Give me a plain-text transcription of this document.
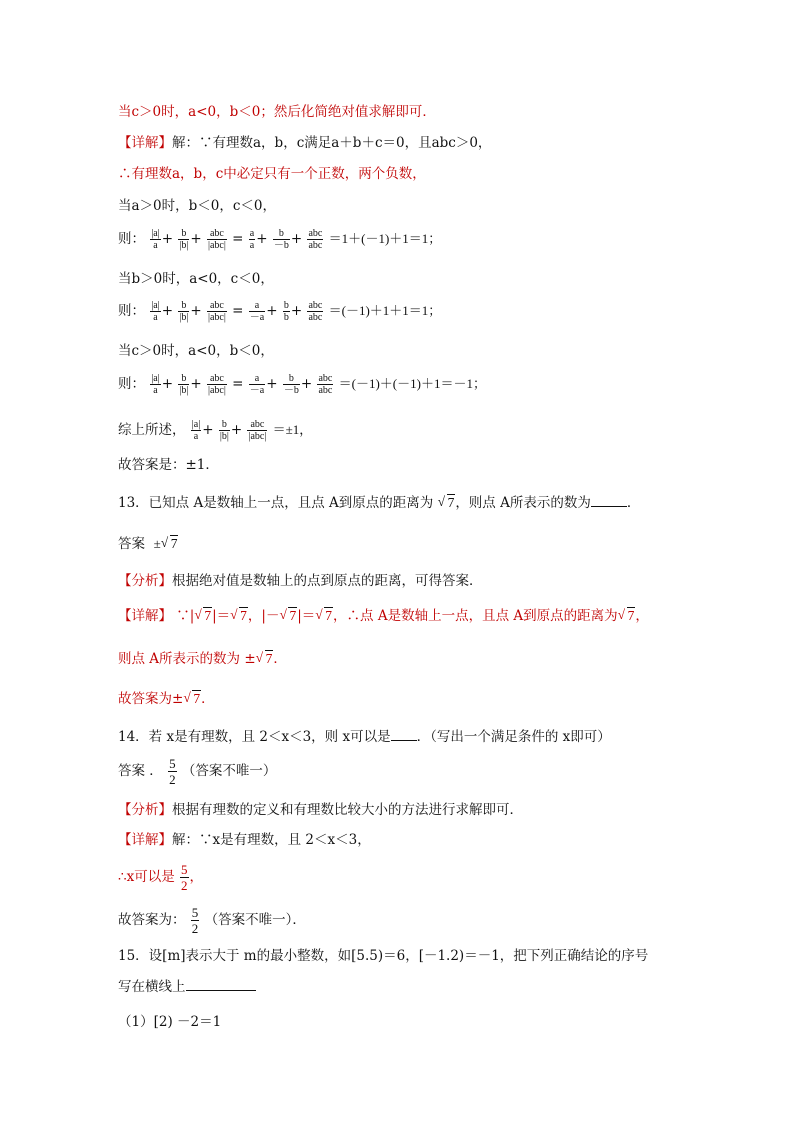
当c＞0时，a<0，b＜0；然后化简绝对值求解即可．
【详解】解：∵有理数a，b，c满足a＋b＋c＝0，且abc＞0，
∴有理数a，b，c中必定只有一个正数，两个负数，
当a＞0时，b＜0，c＜0，
则： $\frac{|a|}{a} + \frac{b}{|b|} + \frac{\text{abc}}{\text{|abc|}} = \frac{a}{a} + \frac{b}{-b} + \frac{\text{abc}}{\text{abc}} =1+(-1)+1=1$；
当b＞0时，a<0，c＜0，
则： $\frac{|a|}{a} + \frac{b}{|b|} + \frac{\text{abc}}{\text{|abc|}} = \frac{a}{-a} + \frac{b}{b} + \frac{\text{abc}}{\text{abc}} =(-1)+1+1=1$；
当c＞0时，a<0，b＜0，
则： $\frac{|a|}{a} + \frac{b}{|b|} + \frac{\text{abc}}{\text{|abc|}} = \frac{a}{-a} + \frac{b}{-b} + \frac{\text{abc}}{\text{abc}} =(-1)+(-1)+1=-1$；
综上所述， $\frac{|a|}{a} + \frac{b}{|b|} + \frac{\text{abc}}{\text{|abc|}} =\pm 1$，
故答案是：±1．
13．已知点 A是数轴上一点，且点 A到原点的距离为 √ 7，则点 A所表示的数为	．
答案 ± √ 7
【分析】根据绝对值是数轴上的点到原点的距离，可得答案．
【详解】 ∵| √ 7|＝ √ 7，|－ √ 7|＝ √ 7，∴点 A是数轴上一点，且点 A到原点的距离为 √ 7，
则点 A所表示的数为 ± √ 7．
故答案为± √ 7．
14．若 x是有理数，且 2＜x＜3，则 x可以是 ．（写出一个满足条件的 x即可）
答案 ． $\frac{5}{2}$ （答案不唯一）
【分析】根据有理数的定义和有理数比较大小的方法进行求解即可．
【详解】解：∵x是有理数，且 2＜x＜3，
∴x可以是 $\frac{5}{2}$ ，
故答案为： $\frac{5}{2}$ （答案不唯一）．
15．设[m]表示大于 m的最小整数，如[5.5)＝6，[－1.2)＝－1，把下列正确结论的序号
写在横线上
（1）[2) －2＝1
